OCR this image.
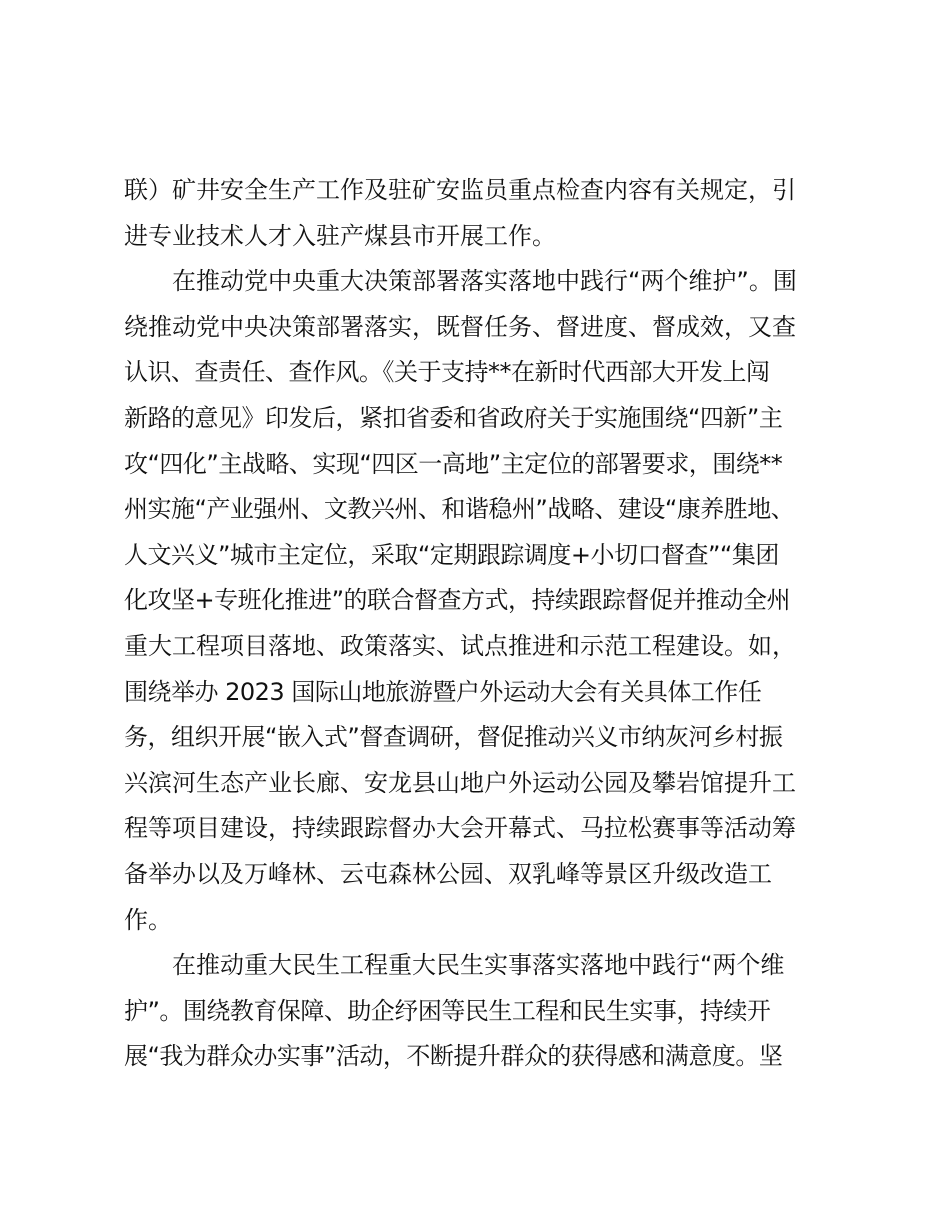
联）矿井安全生产工作及驻矿安监员重点检查内容有关规定，引
进专业技术人才入驻产煤县市开展工作。
在推动党中央重大决策部署落实落地中践行“两个维护”。围
绕推动党中央决策部署落实，既督任务、督进度、督成效，又查
认识、查责任、查作风。《关于支持**在新时代西部大开发上闯
新路的意见》印发后，紧扣省委和省政府关于实施围绕“四新”主
攻“四化”主战略、实现“四区一高地”主定位的部署要求，围绕**
州实施“产业强州、文教兴州、和谐稳州”战略、建设“康养胜地、
人文兴义”城市主定位，采取“定期跟踪调度+小切口督查”“集团
化攻坚+专班化推进”的联合督查方式，持续跟踪督促并推动全州
重大工程项目落地、政策落实、试点推进和示范工程建设。如，
围绕举办 2023 国际山地旅游暨户外运动大会有关具体工作任
务，组织开展“嵌入式”督查调研，督促推动兴义市纳灰河乡村振
兴滨河生态产业长廊、安龙县山地户外运动公园及攀岩馆提升工
程等项目建设，持续跟踪督办大会开幕式、马拉松赛事等活动筹
备举办以及万峰林、云屯森林公园、双乳峰等景区升级改造工
作。
在推动重大民生工程重大民生实事落实落地中践行“两个维
护”。围绕教育保障、助企纾困等民生工程和民生实事，持续开
展“我为群众办实事”活动，不断提升群众的获得感和满意度。坚
